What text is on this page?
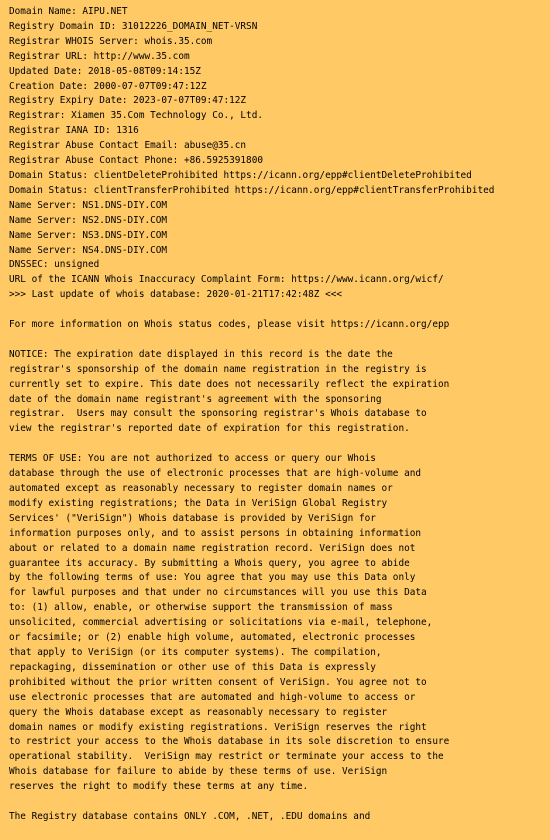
Domain Name: AIPU.NET
Registry Domain ID: 31012226_DOMAIN_NET-VRSN
Registrar WHOIS Server: whois.35.com
Registrar URL: http://www.35.com
Updated Date: 2018-05-08T09:14:15Z
Creation Date: 2000-07-07T09:47:12Z
Registry Expiry Date: 2023-07-07T09:47:12Z
Registrar: Xiamen 35.Com Technology Co., Ltd.
Registrar IANA ID: 1316
Registrar Abuse Contact Email: abuse@35.cn
Registrar Abuse Contact Phone: +86.5925391800
Domain Status: clientDeleteProhibited https://icann.org/epp#clientDeleteProhibited
Domain Status: clientTransferProhibited https://icann.org/epp#clientTransferProhibited
Name Server: NS1.DNS-DIY.COM
Name Server: NS2.DNS-DIY.COM
Name Server: NS3.DNS-DIY.COM
Name Server: NS4.DNS-DIY.COM
DNSSEC: unsigned
URL of the ICANN Whois Inaccuracy Complaint Form: https://www.icann.org/wicf/
>>> Last update of whois database: 2020-01-21T17:42:48Z <<<
For more information on Whois status codes, please visit https://icann.org/epp
NOTICE: The expiration date displayed in this record is the date the
registrar's sponsorship of the domain name registration in the registry is
currently set to expire. This date does not necessarily reflect the expiration
date of the domain name registrant's agreement with the sponsoring
registrar.  Users may consult the sponsoring registrar's Whois database to
view the registrar's reported date of expiration for this registration.
TERMS OF USE: You are not authorized to access or query our Whois
database through the use of electronic processes that are high-volume and
automated except as reasonably necessary to register domain names or
modify existing registrations; the Data in VeriSign Global Registry
Services' ("VeriSign") Whois database is provided by VeriSign for
information purposes only, and to assist persons in obtaining information
about or related to a domain name registration record. VeriSign does not
guarantee its accuracy. By submitting a Whois query, you agree to abide
by the following terms of use: You agree that you may use this Data only
for lawful purposes and that under no circumstances will you use this Data
to: (1) allow, enable, or otherwise support the transmission of mass
unsolicited, commercial advertising or solicitations via e-mail, telephone,
or facsimile; or (2) enable high volume, automated, electronic processes
that apply to VeriSign (or its computer systems). The compilation,
repackaging, dissemination or other use of this Data is expressly
prohibited without the prior written consent of VeriSign. You agree not to
use electronic processes that are automated and high-volume to access or
query the Whois database except as reasonably necessary to register
domain names or modify existing registrations. VeriSign reserves the right
to restrict your access to the Whois database in its sole discretion to ensure
operational stability.  VeriSign may restrict or terminate your access to the
Whois database for failure to abide by these terms of use. VeriSign
reserves the right to modify these terms at any time.
The Registry database contains ONLY .COM, .NET, .EDU domains and
